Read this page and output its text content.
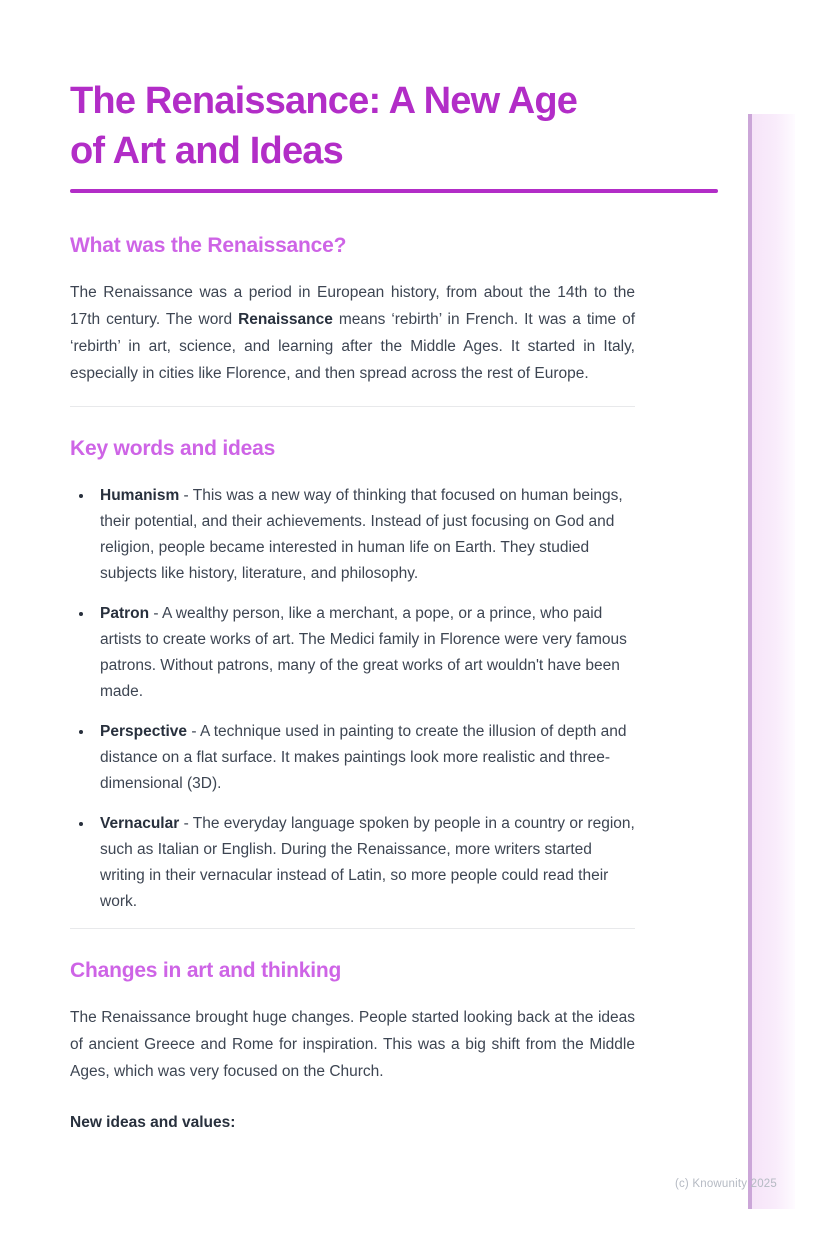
The Renaissance: A New Age
of Art and Ideas
What was the Renaissance?

The Renaissance was a period in European history, from about the 14th to the 17th century. The word Renaissance means ‘rebirth’ in French. It was a time of ‘rebirth’ in art, science, and learning after the Middle Ages. It started in Italy, especially in cities like Florence, and then spread across the rest of Europe.

Key words and ideas
• Humanism - This was a new way of thinking that focused on human beings, their potential, and their achievements. Instead of just focusing on God and religion, people became interested in human life on Earth. They studied subjects like history, literature, and philosophy.
• Patron - A wealthy person, like a merchant, a pope, or a prince, who paid artists to create works of art. The Medici family in Florence were very famous patrons. Without patrons, many of the great works of art wouldn't have been made.
• Perspective - A technique used in painting to create the illusion of depth and distance on a flat surface. It makes paintings look more realistic and three-dimensional (3D).
• Vernacular - The everyday language spoken by people in a country or region, such as Italian or English. During the Renaissance, more writers started writing in their vernacular instead of Latin, so more people could read their work.
Changes in art and thinking

The Renaissance brought huge changes. People started looking back at the ideas of ancient Greece and Rome for inspiration. This was a big shift from the Middle Ages, which was very focused on the Church.

New ideas and values:

(c) Knowunity 2025
